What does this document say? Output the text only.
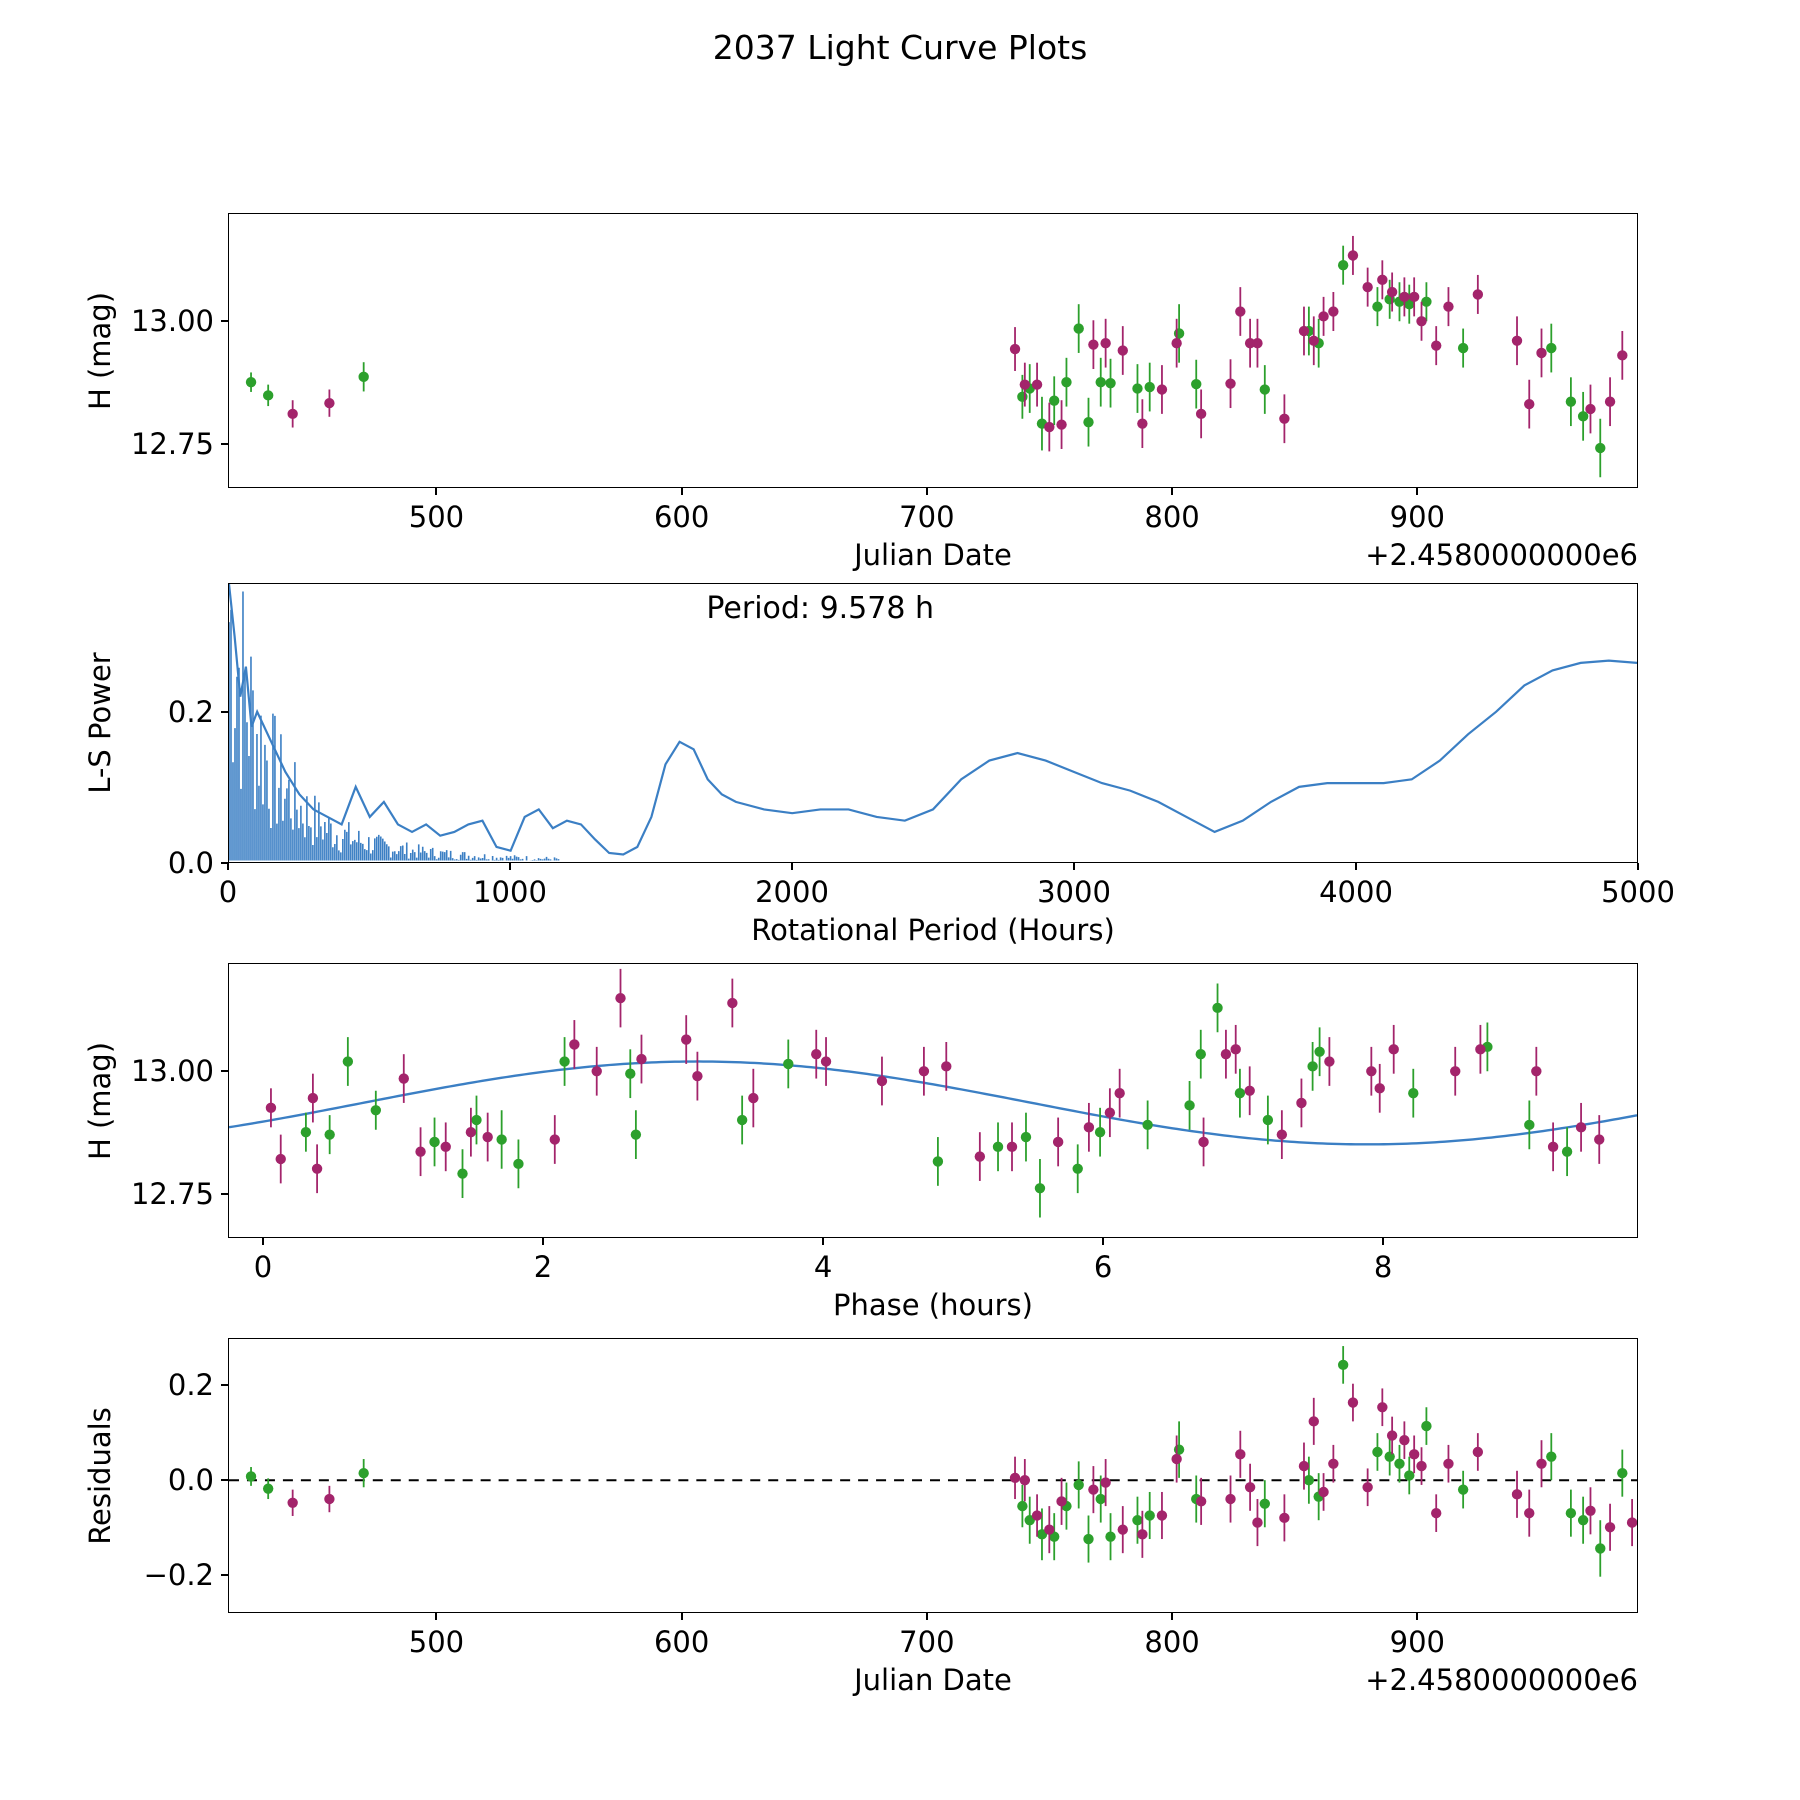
2037 Light Curve Plots
H (mag)
Julian Date	+2.4580000000e6
L-S Power
Rotational Period (Hours)
Period: 9.578 h
H (mag)
Phase (hours)
Residuals
Julian Date	+2.4580000000e6
500	600	700	800	900
12.75
13.00
0	1000	2000	3000	4000	5000
0.0
0.2
0	2	4	6	8
12.75
13.00
500	600	700	800	900
−0.2
0.0
0.2
